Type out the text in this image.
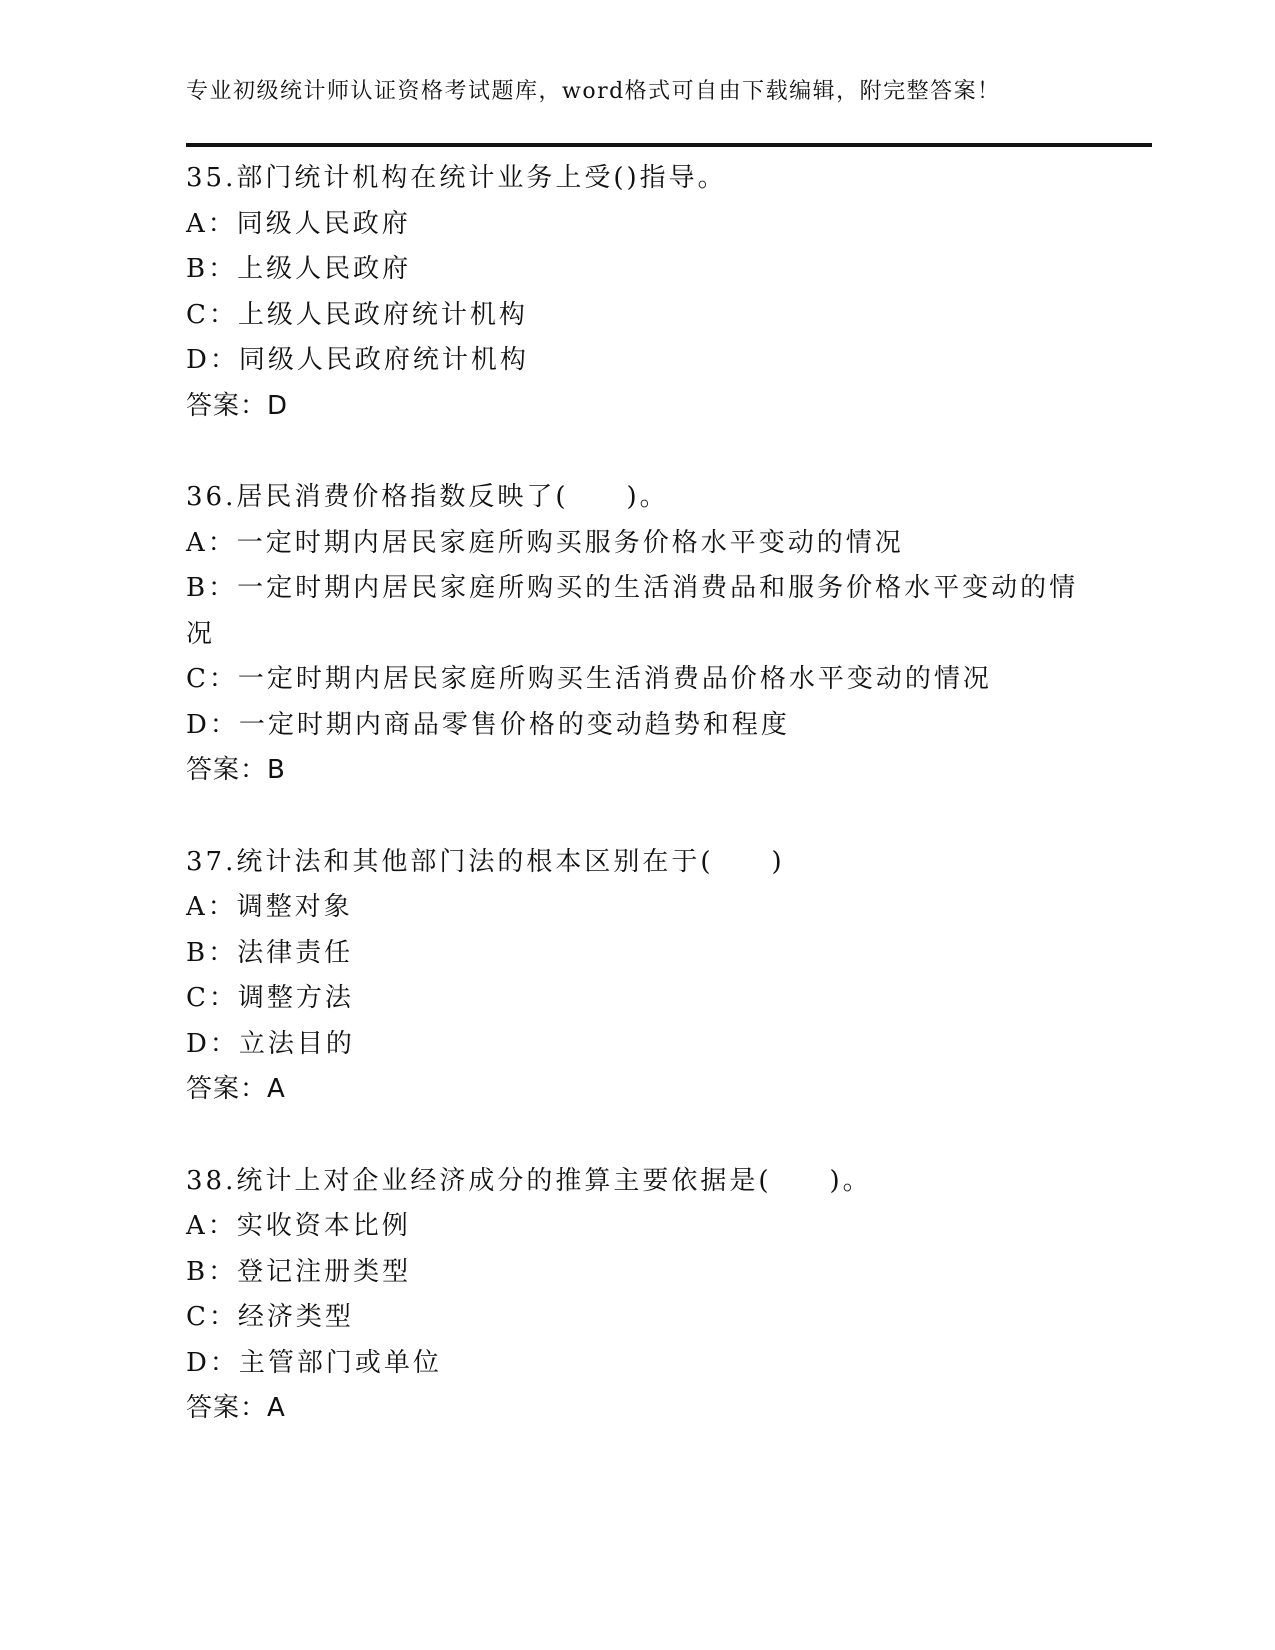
专业初级统计师认证资格考试题库，word格式可自由下载编辑，附完整答案！
35.部门统计机构在统计业务上受()指导。
A：同级人民政府
B：上级人民政府
C：上级人民政府统计机构
D：同级人民政府统计机构
答案：D
36.居民消费价格指数反映了(　　)。
A：一定时期内居民家庭所购买服务价格水平变动的情况
B：一定时期内居民家庭所购买的生活消费品和服务价格水平变动的情况
C：一定时期内居民家庭所购买生活消费品价格水平变动的情况
D：一定时期内商品零售价格的变动趋势和程度
答案：B
37.统计法和其他部门法的根本区别在于(　　)
A：调整对象
B：法律责任
C：调整方法
D：立法目的
答案：A
38.统计上对企业经济成分的推算主要依据是(　　)。
A：实收资本比例
B：登记注册类型
C：经济类型
D：主管部门或单位
答案：A
